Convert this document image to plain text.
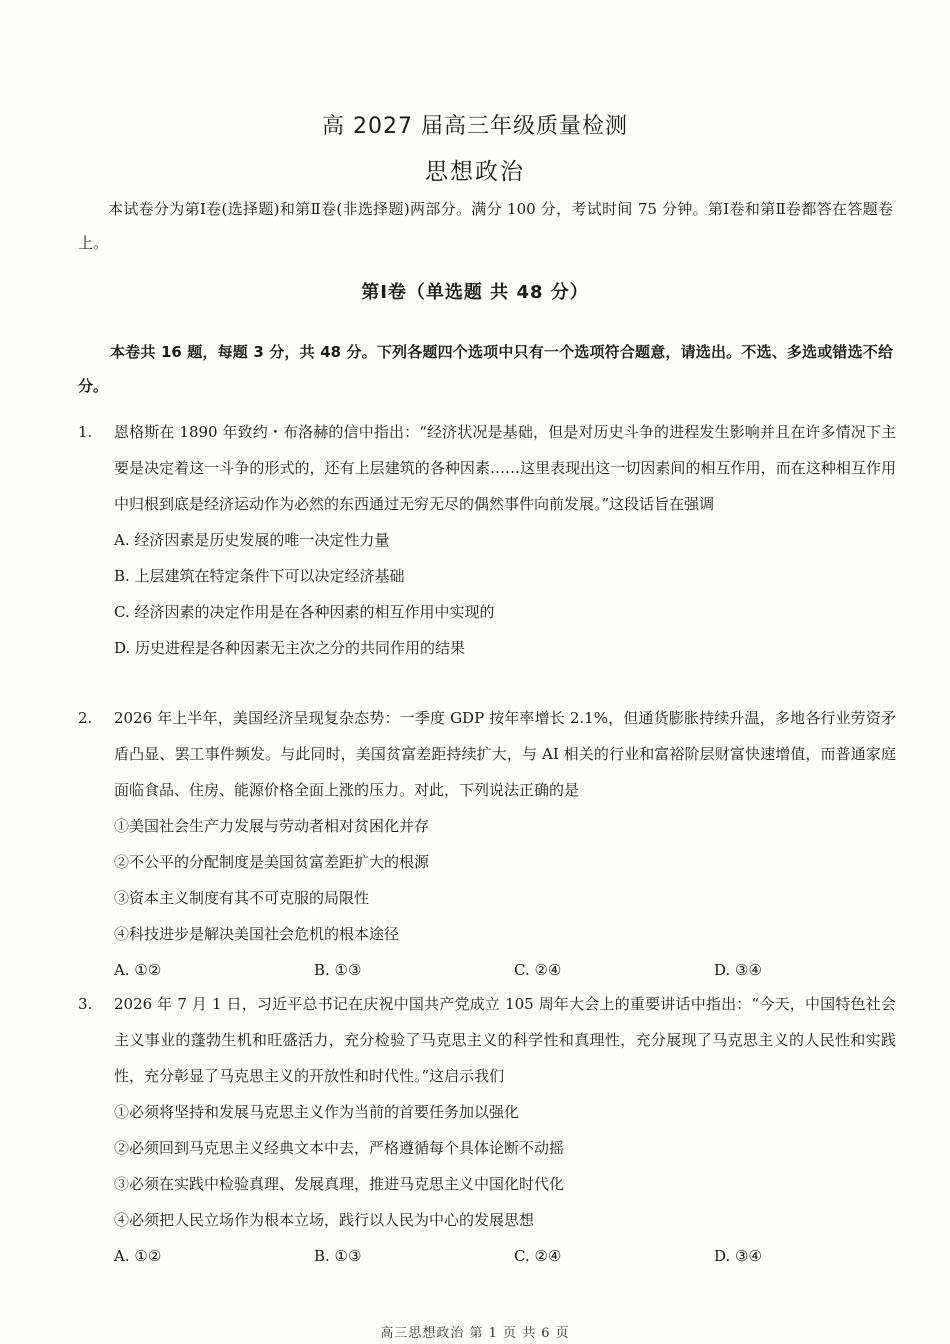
高 2027 届高三年级质量检测
思想政治
本试卷分为第Ⅰ卷(选择题)和第Ⅱ卷(非选择题)两部分。满分 100 分，考试时间 75 分钟。第Ⅰ卷和第Ⅱ卷都答在答题卷上。
第Ⅰ卷（单选题 共 48 分）
本卷共 16 题，每题 3 分，共 48 分。下列各题四个选项中只有一个选项符合题意，请选出。不选、多选或错选不给分。
1. 恩格斯在 1890 年致约・布洛赫的信中指出：“经济状况是基础，但是对历史斗争的进程发生影响并且在许多情况下主要是决定着这一斗争的形式的，还有上层建筑的各种因素……这里表现出这一切因素间的相互作用，而在这种相互作用中归根到底是经济运动作为必然的东西通过无穷无尽的偶然事件向前发展。”这段话旨在强调
A. 经济因素是历史发展的唯一决定性力量
B. 上层建筑在特定条件下可以决定经济基础
C. 经济因素的决定作用是在各种因素的相互作用中实现的
D. 历史进程是各种因素无主次之分的共同作用的结果
2. 2026 年上半年，美国经济呈现复杂态势：一季度 GDP 按年率增长 2.1%，但通货膨胀持续升温，多地各行业劳资矛盾凸显、罢工事件频发。与此同时，美国贫富差距持续扩大，与 AI 相关的行业和富裕阶层财富快速增值，而普通家庭面临食品、住房、能源价格全面上涨的压力。对此，下列说法正确的是
①美国社会生产力发展与劳动者相对贫困化并存
②不公平的分配制度是美国贫富差距扩大的根源
③资本主义制度有其不可克服的局限性
④科技进步是解决美国社会危机的根本途径
A. ①②	B. ①③	C. ②④	D. ③④
3. 2026 年 7 月 1 日，习近平总书记在庆祝中国共产党成立 105 周年大会上的重要讲话中指出：“今天，中国特色社会主义事业的蓬勃生机和旺盛活力，充分检验了马克思主义的科学性和真理性，充分展现了马克思主义的人民性和实践性，充分彰显了马克思主义的开放性和时代性。”这启示我们
①必须将坚持和发展马克思主义作为当前的首要任务加以强化
②必须回到马克思主义经典文本中去，严格遵循每个具体论断不动摇
③必须在实践中检验真理、发展真理，推进马克思主义中国化时代化
④必须把人民立场作为根本立场，践行以人民为中心的发展思想
A. ①②	B. ①③	C. ②④	D. ③④
高三思想政治 第 1 页 共 6 页
